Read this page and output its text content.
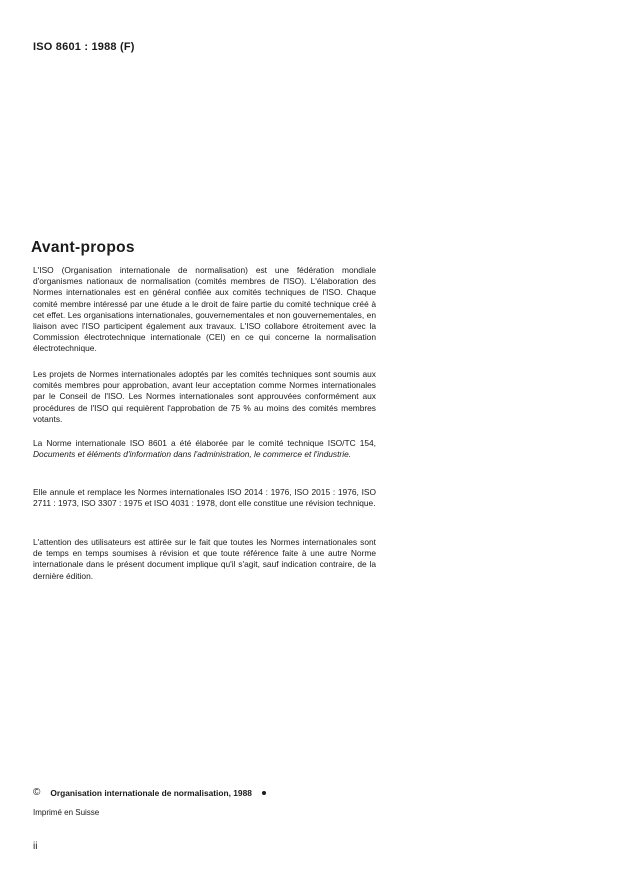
ISO 8601 : 1988 (F)
Avant-propos

L'ISO (Organisation internationale de normalisation) est une fédération mondiale d'organismes nationaux de normalisation (comités membres de l'ISO). L'élaboration des Normes internationales est en général confiée aux comités techniques de l'ISO. Chaque comité membre intéressé par une étude a le droit de faire partie du comité technique créé à cet effet. Les organisations internationales, gouvernementales et non gouvernementales, en liaison avec l'ISO participent également aux travaux. L'ISO collabore étroitement avec la Commission électrotechnique internationale (CEI) en ce qui concerne la normalisation électrotechnique.

Les projets de Normes internationales adoptés par les comités techniques sont soumis aux comités membres pour approbation, avant leur acceptation comme Normes internationales par le Conseil de l'ISO. Les Normes internationales sont approuvées conformément aux procédures de l'ISO qui requièrent l'approbation de 75 % au moins des comités membres votants.

La Norme internationale ISO 8601 a été élaborée par le comité technique ISO/TC 154, Documents et éléments d'information dans l'administration, le commerce et l'industrie.

Elle annule et remplace les Normes internationales ISO 2014 : 1976, ISO 2015 : 1976, ISO 2711 : 1973, ISO 3307 : 1975 et ISO 4031 : 1978, dont elle constitue une révision technique.

L'attention des utilisateurs est attirée sur le fait que toutes les Normes internationales sont de temps en temps soumises à révision et que toute référence faite à une autre Norme internationale dans le présent document implique qu'il s'agit, sauf indication contraire, de la dernière édition.

© Organisation internationale de normalisation, 1988
Imprimé en Suisse
ii
